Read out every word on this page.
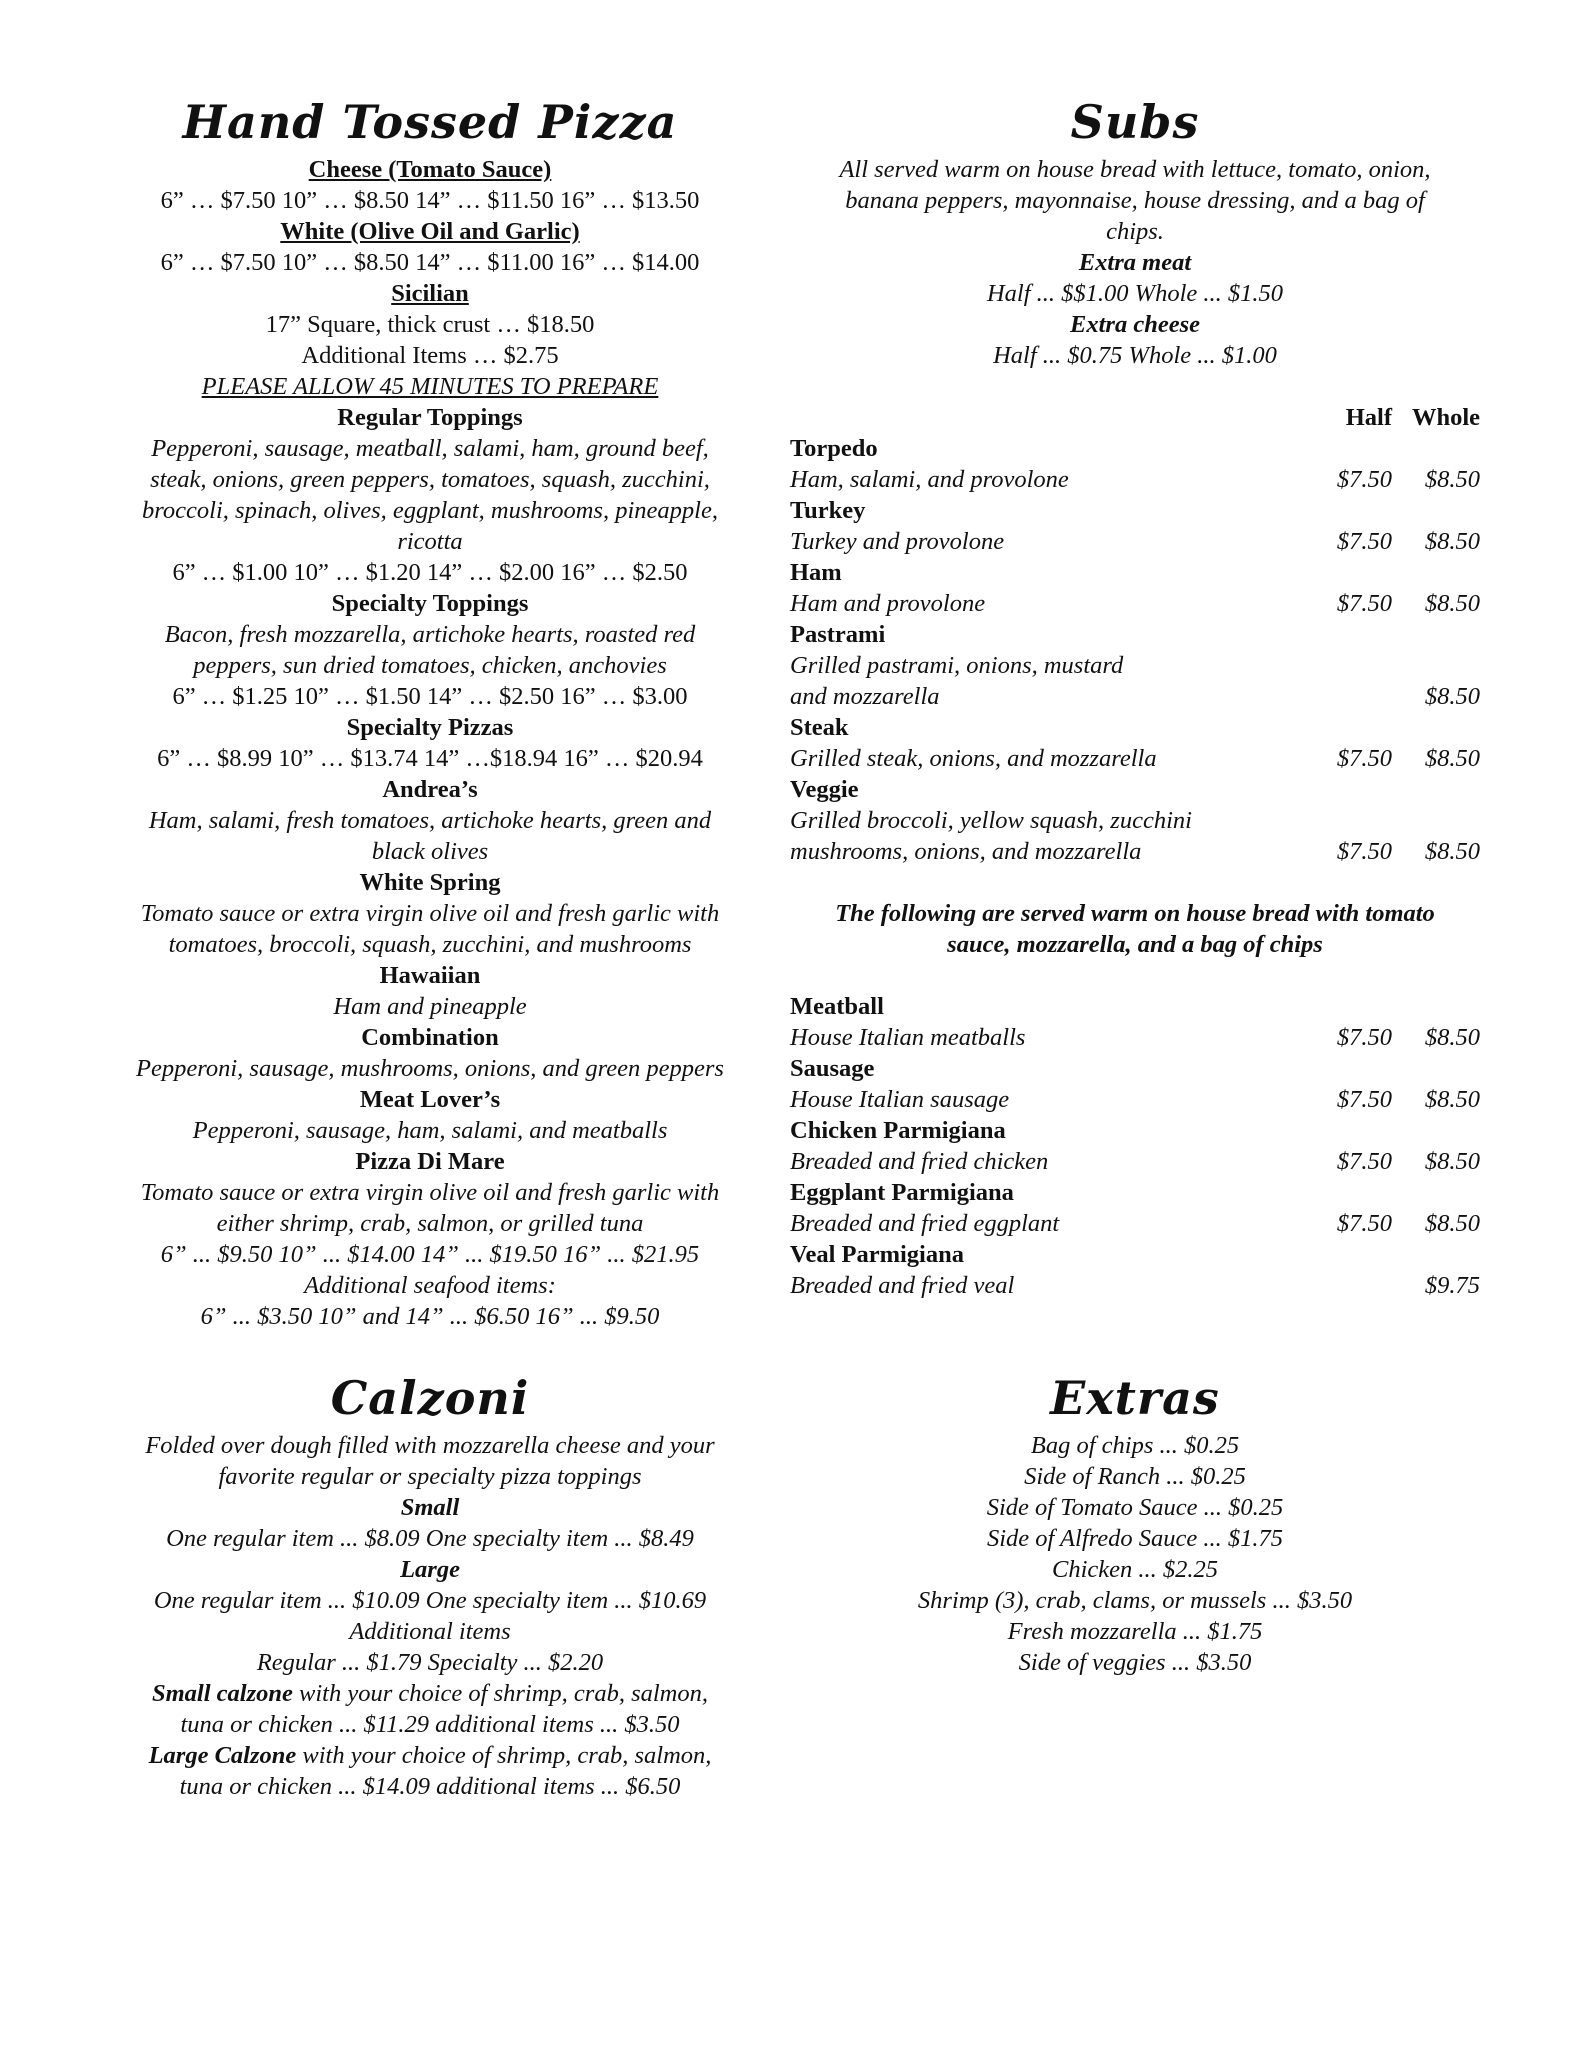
Hand Tossed Pizza

Cheese (Tomato Sauce)

6” … $7.50 10” … $8.50 14” … $11.50 16” … $13.50

White (Olive Oil and Garlic)

6” … $7.50 10” … $8.50 14” … $11.00 16” … $14.00

Sicilian

17” Square, thick crust … $18.50

Additional Items … $2.75

PLEASE ALLOW 45 MINUTES TO PREPARE

Regular Toppings

Pepperoni, sausage, meatball, salami, ham, ground beef,

steak, onions, green peppers, tomatoes, squash, zucchini,

broccoli, spinach, olives, eggplant, mushrooms, pineapple,

ricotta

6” … $1.00 10” … $1.20 14” … $2.00 16” … $2.50

Specialty Toppings

Bacon, fresh mozzarella, artichoke hearts, roasted red

peppers, sun dried tomatoes, chicken, anchovies

6” … $1.25 10” … $1.50 14” … $2.50 16” … $3.00

Specialty Pizzas

6” … $8.99 10” … $13.74 14” …$18.94 16” … $20.94

Andrea’s

Ham, salami, fresh tomatoes, artichoke hearts, green and

black olives

White Spring

Tomato sauce or extra virgin olive oil and fresh garlic with

tomatoes, broccoli, squash, zucchini, and mushrooms

Hawaiian

Ham and pineapple

Combination

Pepperoni, sausage, mushrooms, onions, and green peppers

Meat Lover’s

Pepperoni, sausage, ham, salami, and meatballs

Pizza Di Mare

Tomato sauce or extra virgin olive oil and fresh garlic with

either shrimp, crab, salmon, or grilled tuna

6” ... $9.50 10” ... $14.00 14” ... $19.50 16” ... $21.95

Additional seafood items:

6” ... $3.50 10” and 14” ... $6.50 16” ... $9.50

Calzoni

Folded over dough filled with mozzarella cheese and your

favorite regular or specialty pizza toppings

Small

One regular item ... $8.09 One specialty item ... $8.49

Large

One regular item ... $10.09 One specialty item ... $10.69

Additional items

Regular ... $1.79 Specialty ... $2.20

Small calzone with your choice of shrimp, crab, salmon,

tuna or chicken ... $11.29 additional items ... $3.50

Large Calzone with your choice of shrimp, crab, salmon,

tuna or chicken ... $14.09 additional items ... $6.50

Subs

All served warm on house bread with lettuce, tomato, onion,

banana peppers, mayonnaise, house dressing, and a bag of

chips.

Extra meat

Half ... $$1.00 Whole ... $1.50

Extra cheese

Half ... $0.75 Whole ... $1.00

	Half	Whole
Torpedo		
Ham, salami, and provolone	$7.50	$8.50
Turkey		
Turkey and provolone	$7.50	$8.50
Ham		
Ham and provolone	$7.50	$8.50
Pastrami		
Grilled pastrami, onions, mustard		
and mozzarella		$8.50
Steak		
Grilled steak, onions, and mozzarella	$7.50	$8.50
Veggie		
Grilled broccoli, yellow squash, zucchini		
mushrooms, onions, and mozzarella	$7.50	$8.50

The following are served warm on house bread with tomato

sauce, mozzarella, and a bag of chips

Meatball		
House Italian meatballs	$7.50	$8.50
Sausage		
House Italian sausage	$7.50	$8.50
Chicken Parmigiana		
Breaded and fried chicken	$7.50	$8.50
Eggplant Parmigiana		
Breaded and fried eggplant	$7.50	$8.50
Veal Parmigiana		
Breaded and fried veal		$9.75
Extras

Bag of chips ... $0.25

Side of Ranch ... $0.25

Side of Tomato Sauce ... $0.25

Side of Alfredo Sauce ... $1.75

Chicken ... $2.25

Shrimp (3), crab, clams, or mussels ... $3.50

Fresh mozzarella ... $1.75

Side of veggies ... $3.50
